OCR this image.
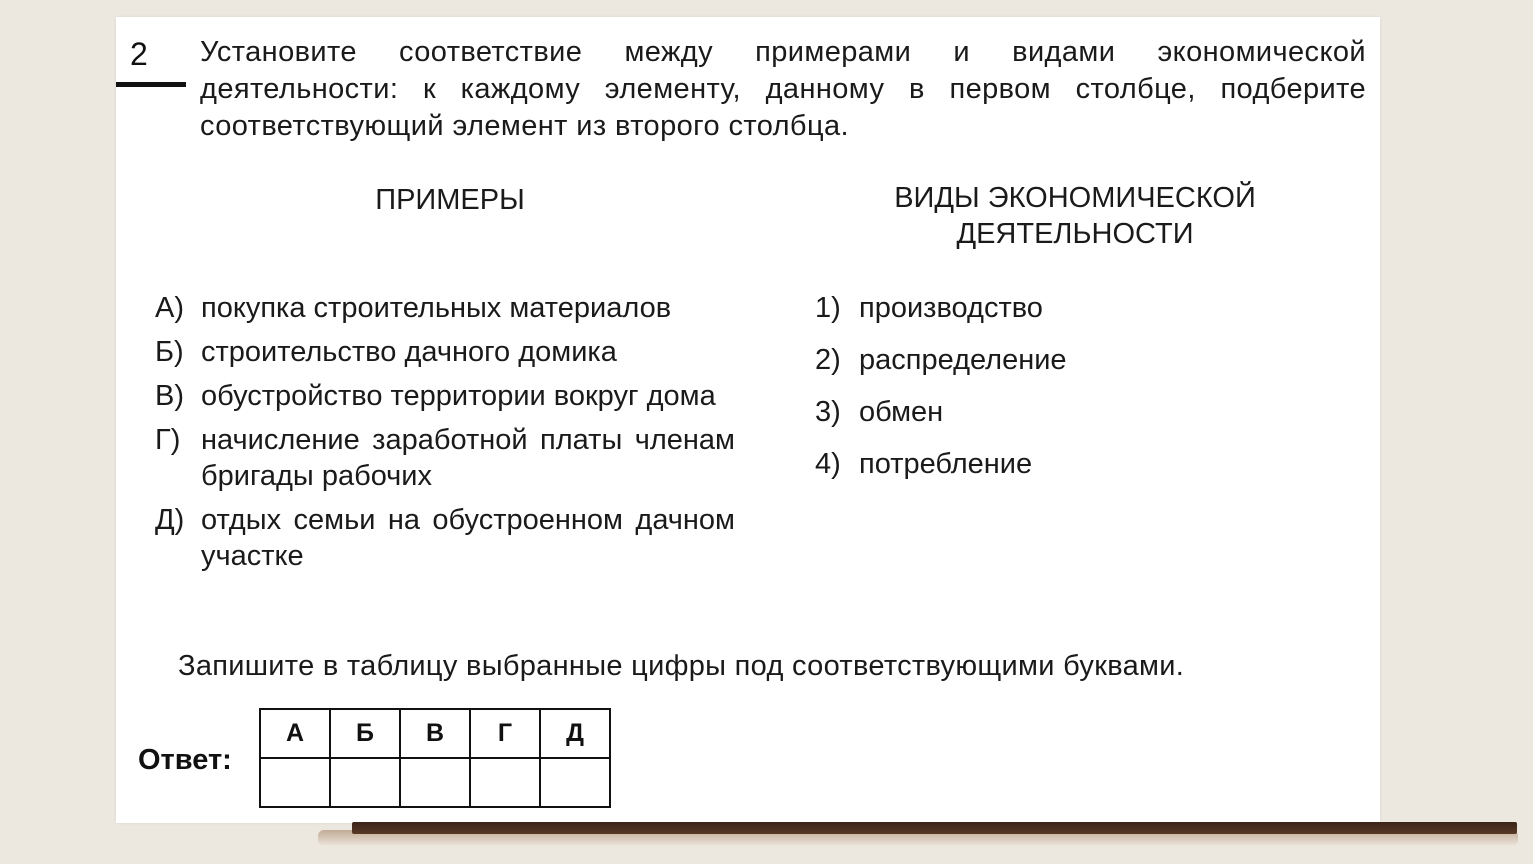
2 Установите соответствие между примерами и видами экономической деятельности: к каждому элементу, данному в первом столбце, подберите соответствующий элемент из второго столбца.
ПРИМЕРЫ	ВИДЫ ЭКОНОМИЧЕСКОЙ ДЕЯТЕЛЬНОСТИ
А) покупка строительных материалов
Б) строительство дачного домика
В) обустройство территории вокруг дома
Г) начисление заработной платы членам бригады рабочих
Д) отдых семьи на обустроенном дачном участке
1) производство
2) распределение
3) обмен
4) потребление
Запишите в таблицу выбранные цифры под соответствующими буквами.
Ответ:
А	Б	В	Г	Д
